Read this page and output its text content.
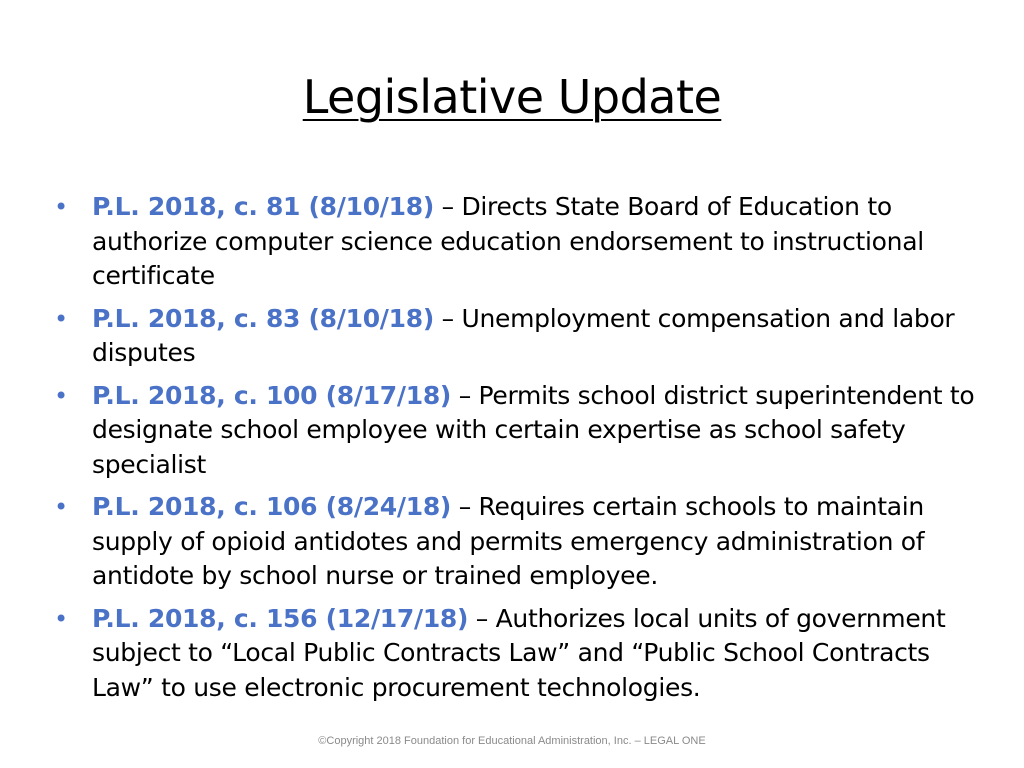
Legislative Update
• P.L. 2018, c. 81 (8/10/18) – Directs State Board of Education to authorize computer science education endorsement to instructional certificate
• P.L. 2018, c. 83 (8/10/18) – Unemployment compensation and labor disputes
• P.L. 2018, c. 100 (8/17/18) – Permits school district superintendent to designate school employee with certain expertise as school safety specialist
• P.L. 2018, c. 106 (8/24/18) – Requires certain schools to maintain supply of opioid antidotes and permits emergency administration of antidote by school nurse or trained employee.
• P.L. 2018, c. 156 (12/17/18) – Authorizes local units of government subject to “Local Public Contracts Law” and “Public School Contracts Law” to use electronic procurement technologies.
©Copyright 2018 Foundation for Educational Administration, Inc. – LEGAL ONE
